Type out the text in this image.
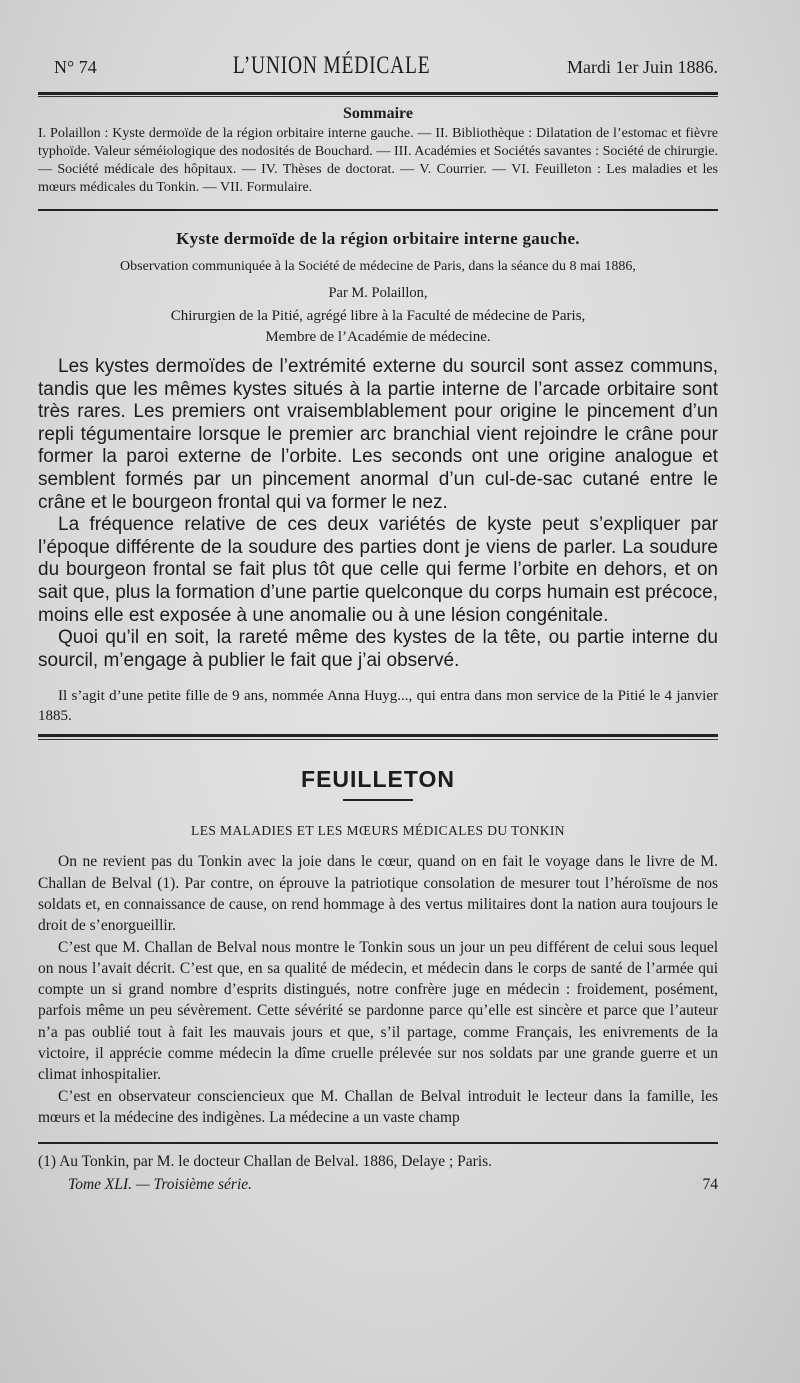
N° 74	L’UNION MÉDICALE	Mardi 1er Juin 1886.
Sommaire

I. Polaillon : Kyste dermoïde de la région orbitaire interne gauche. — II. Bibliothèque : Dilatation de l’estomac et fièvre typhoïde. Valeur séméiologique des nodosités de Bouchard. — III. Académies et Sociétés savantes : Société de chirurgie. — Société médicale des hôpitaux. — IV. Thèses de doctorat. — V. Courrier. — VI. Feuilleton : Les maladies et les mœurs médicales du Tonkin. — VII. Formulaire.

Kyste dermoïde de la région orbitaire interne gauche.
Observation communiquée à la Société de médecine de Paris, dans la séance du 8 mai 1886,
Par M. Polaillon,
Chirurgien de la Pitié, agrégé libre à la Faculté de médecine de Paris,
Membre de l’Académie de médecine.

Les kystes dermoïdes de l’extrémité externe du sourcil sont assez communs, tandis que les mêmes kystes situés à la partie interne de l’arcade orbitaire sont très rares. Les premiers ont vraisemblablement pour origine le pincement d’un repli tégumentaire lorsque le premier arc branchial vient rejoindre le crâne pour former la paroi externe de l’orbite. Les seconds ont une origine analogue et semblent formés par un pincement anormal d’un cul-de-sac cutané entre le crâne et le bourgeon frontal qui va former le nez.

La fréquence relative de ces deux variétés de kyste peut s’expliquer par l’époque différente de la soudure des parties dont je viens de parler. La soudure du bourgeon frontal se fait plus tôt que celle qui ferme l’orbite en dehors, et on sait que, plus la formation d’une partie quelconque du corps humain est précoce, moins elle est exposée à une anomalie ou à une lésion congénitale.

Quoi qu’il en soit, la rareté même des kystes de la tête, ou partie interne du sourcil, m’engage à publier le fait que j’ai observé.

Il s’agit d’une petite fille de 9 ans, nommée Anna Huyg..., qui entra dans mon service de la Pitié le 4 janvier 1885.

FEUILLETON
LES MALADIES ET LES MŒURS MÉDICALES DU TONKIN

On ne revient pas du Tonkin avec la joie dans le cœur, quand on en fait le voyage dans le livre de M. Challan de Belval (1). Par contre, on éprouve la patriotique consolation de mesurer tout l’héroïsme de nos soldats et, en connaissance de cause, on rend hommage à des vertus militaires dont la nation aura toujours le droit de s’enorgueillir.

C’est que M. Challan de Belval nous montre le Tonkin sous un jour un peu différent de celui sous lequel on nous l’avait décrit. C’est que, en sa qualité de médecin, et médecin dans le corps de santé de l’armée qui compte un si grand nombre d’esprits distingués, notre confrère juge en médecin : froidement, posément, parfois même un peu sévèrement. Cette sévérité se pardonne parce qu’elle est sincère et parce que l’auteur n’a pas oublié tout à fait les mauvais jours et que, s’il partage, comme Français, les enivrements de la victoire, il apprécie comme médecin la dîme cruelle prélevée sur nos soldats par une grande guerre et un climat inhospitalier.

C’est en observateur consciencieux que M. Challan de Belval introduit le lecteur dans la famille, les mœurs et la médecine des indigènes. La médecine a un vaste champ

(1) Au Tonkin, par M. le docteur Challan de Belval. 1886, Delaye ; Paris.
Tome XLI. — Troisième série.	74
